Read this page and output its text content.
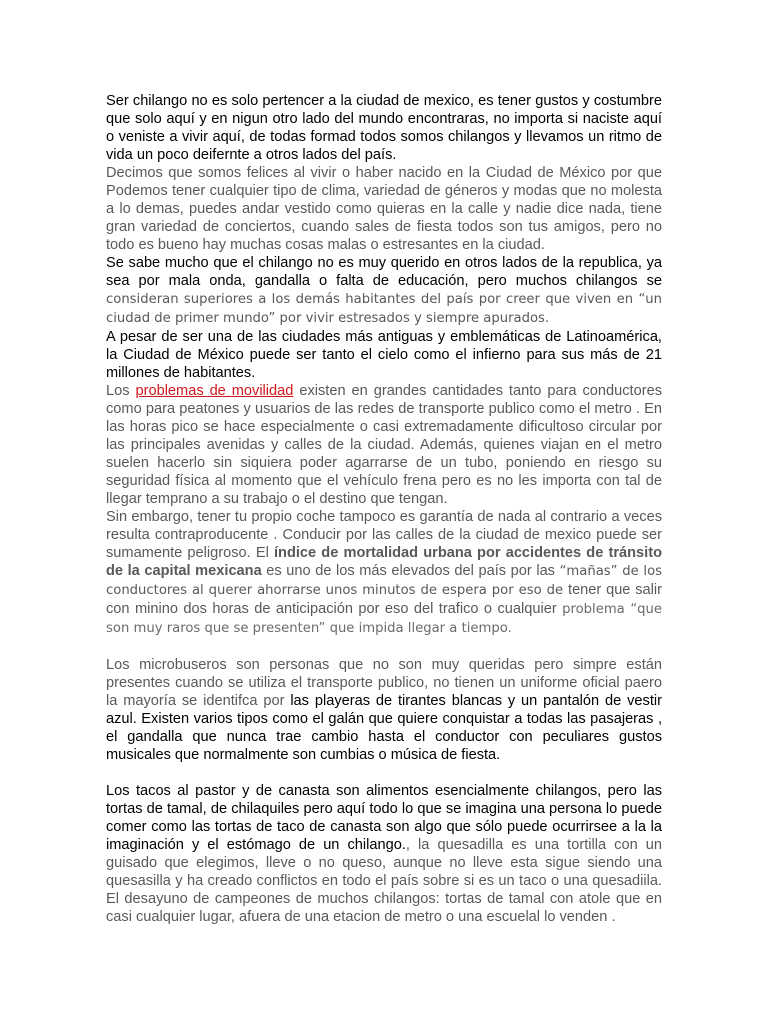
Ser chilango no es solo pertencer a la ciudad de mexico, es tener gustos y costumbre que solo aquí y en nigun otro lado del mundo encontraras, no importa si naciste aquí o veniste a vivir aquí, de todas formad todos somos chilangos y llevamos un ritmo de vida un poco deifernte a otros lados del país.

Decimos que somos felices al vivir o haber nacido en la Ciudad de México por que Podemos tener cualquier tipo de clima, variedad de géneros y modas que no molesta a lo demas, puedes andar vestido como quieras en la calle y nadie dice nada, tiene gran variedad de conciertos, cuando sales de fiesta todos son tus amigos, pero no todo es bueno hay muchas cosas malas o estresantes en la ciudad.

Se sabe mucho que el chilango no es muy querido en otros lados de la republica, ya sea por mala onda, gandalla o falta de educación, pero muchos chilangos se consideran superiores a los demás habitantes del país por creer que viven en “un ciudad de primer mundo” por vivir estresados y siempre apurados.

A pesar de ser una de las ciudades más antiguas y emblemáticas de Latinoamérica, la Ciudad de México puede ser tanto el cielo como el infierno para sus más de 21 millones de habitantes.

Los problemas de movilidad existen en grandes cantidades tanto para conductores como para peatones y usuarios de las redes de transporte publico como el metro . En las horas pico se hace especialmente o casi extremadamente dificultoso circular por las principales avenidas y calles de la ciudad. Además, quienes viajan en el metro suelen hacerlo sin siquiera poder agarrarse de un tubo, poniendo en riesgo su seguridad física al momento que el vehículo frena pero es no les importa con tal de llegar temprano a su trabajo o el destino que tengan.

Sin embargo, tener tu propio coche tampoco es garantía de nada al contrario a veces resulta contraproducente . Conducir por las calles de la ciudad de mexico puede ser sumamente peligroso. El índice de mortalidad urbana por accidentes de tránsito de la capital mexicana es uno de los más elevados del país por las “mañas” de los conductores al querer ahorrarse unos minutos de espera por eso de tener que salir con minino dos horas de anticipación por eso del trafico o cualquier problema “que son muy raros que se presenten” que impida llegar a tiempo.

Los microbuseros son personas que no son muy queridas pero simpre están presentes cuando se utiliza el transporte publico, no tienen un uniforme oficial paero la mayoría se identifca por las playeras de tirantes blancas y un pantalón de vestir azul. Existen varios tipos como el galán que quiere conquistar a todas las pasajeras , el gandalla que nunca trae cambio hasta el conductor con peculiares gustos musicales que normalmente son cumbias o música de fiesta.

Los tacos al pastor y de canasta son alimentos esencialmente chilangos, pero las tortas de tamal, de chilaquiles pero aquí todo lo que se imagina una persona lo puede comer como las tortas de taco de canasta son algo que sólo puede ocurrirsee a la la imaginación y el estómago de un chilango., la quesadilla es una tortilla con un guisado que elegimos, lleve o no queso, aunque no lleve esta sigue siendo una quesasilla y ha creado conflictos en todo el país sobre si es un taco o una quesadiila. El desayuno de campeones de muchos chilangos: tortas de tamal con atole que en casi cualquier lugar, afuera de una etacion de metro o una escuelal lo venden .
